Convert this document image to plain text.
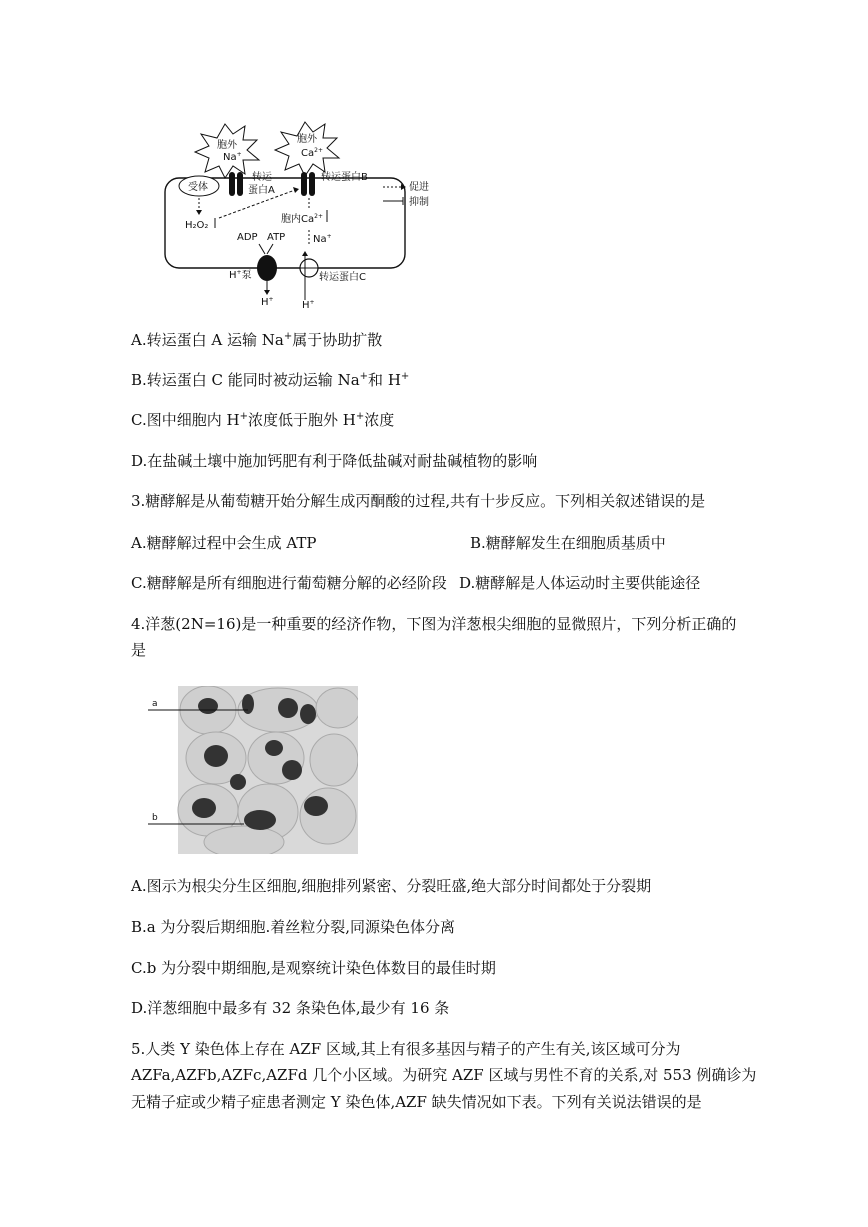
胞外
Na+
胞外
$Ca^{2+}$
受体
转运
蛋白A
转运蛋白B
促进
抑制
H₂O₂
胞内$Ca^{2+}$
Na+
ADP ATP
H+泵
H+
H+
转运蛋白C
A.转运蛋白 A 运输 Na+属于协助扩散
B.转运蛋白 C 能同时被动运输 Na+和 H+
C.图中细胞内 H+浓度低于胞外 H+浓度
D.在盐碱土壤中施加钙肥有利于降低盐碱对耐盐碱植物的影响
3.糖酵解是从葡萄糖开始分解生成丙酮酸的过程,共有十步反应。下列相关叙述错误的是
A.糖酵解过程中会生成 ATP	B.糖酵解发生在细胞质基质中
C.糖酵解是所有细胞进行葡萄糖分解的必经阶段 D.糖酵解是人体运动时主要供能途径
4.洋葱(2N=16)是一种重要的经济作物，下图为洋葱根尖细胞的显微照片，下列分析正确的
是
a
b
A.图示为根尖分生区细胞,细胞排列紧密、分裂旺盛,绝大部分时间都处于分裂期
B.a 为分裂后期细胞.着丝粒分裂,同源染色体分离
C.b 为分裂中期细胞,是观察统计染色体数目的最佳时期
D.洋葱细胞中最多有 32 条染色体,最少有 16 条
5.人类 Y 染色体上存在 AZF 区域,其上有很多基因与精子的产生有关,该区域可分为
AZFa,AZFb,AZFc,AZFd 几个小区域。为研究 AZF 区域与男性不育的关系,对 553 例确诊为
无精子症或少精子症患者测定 Y 染色体,AZF 缺失情况如下表。下列有关说法错误的是
